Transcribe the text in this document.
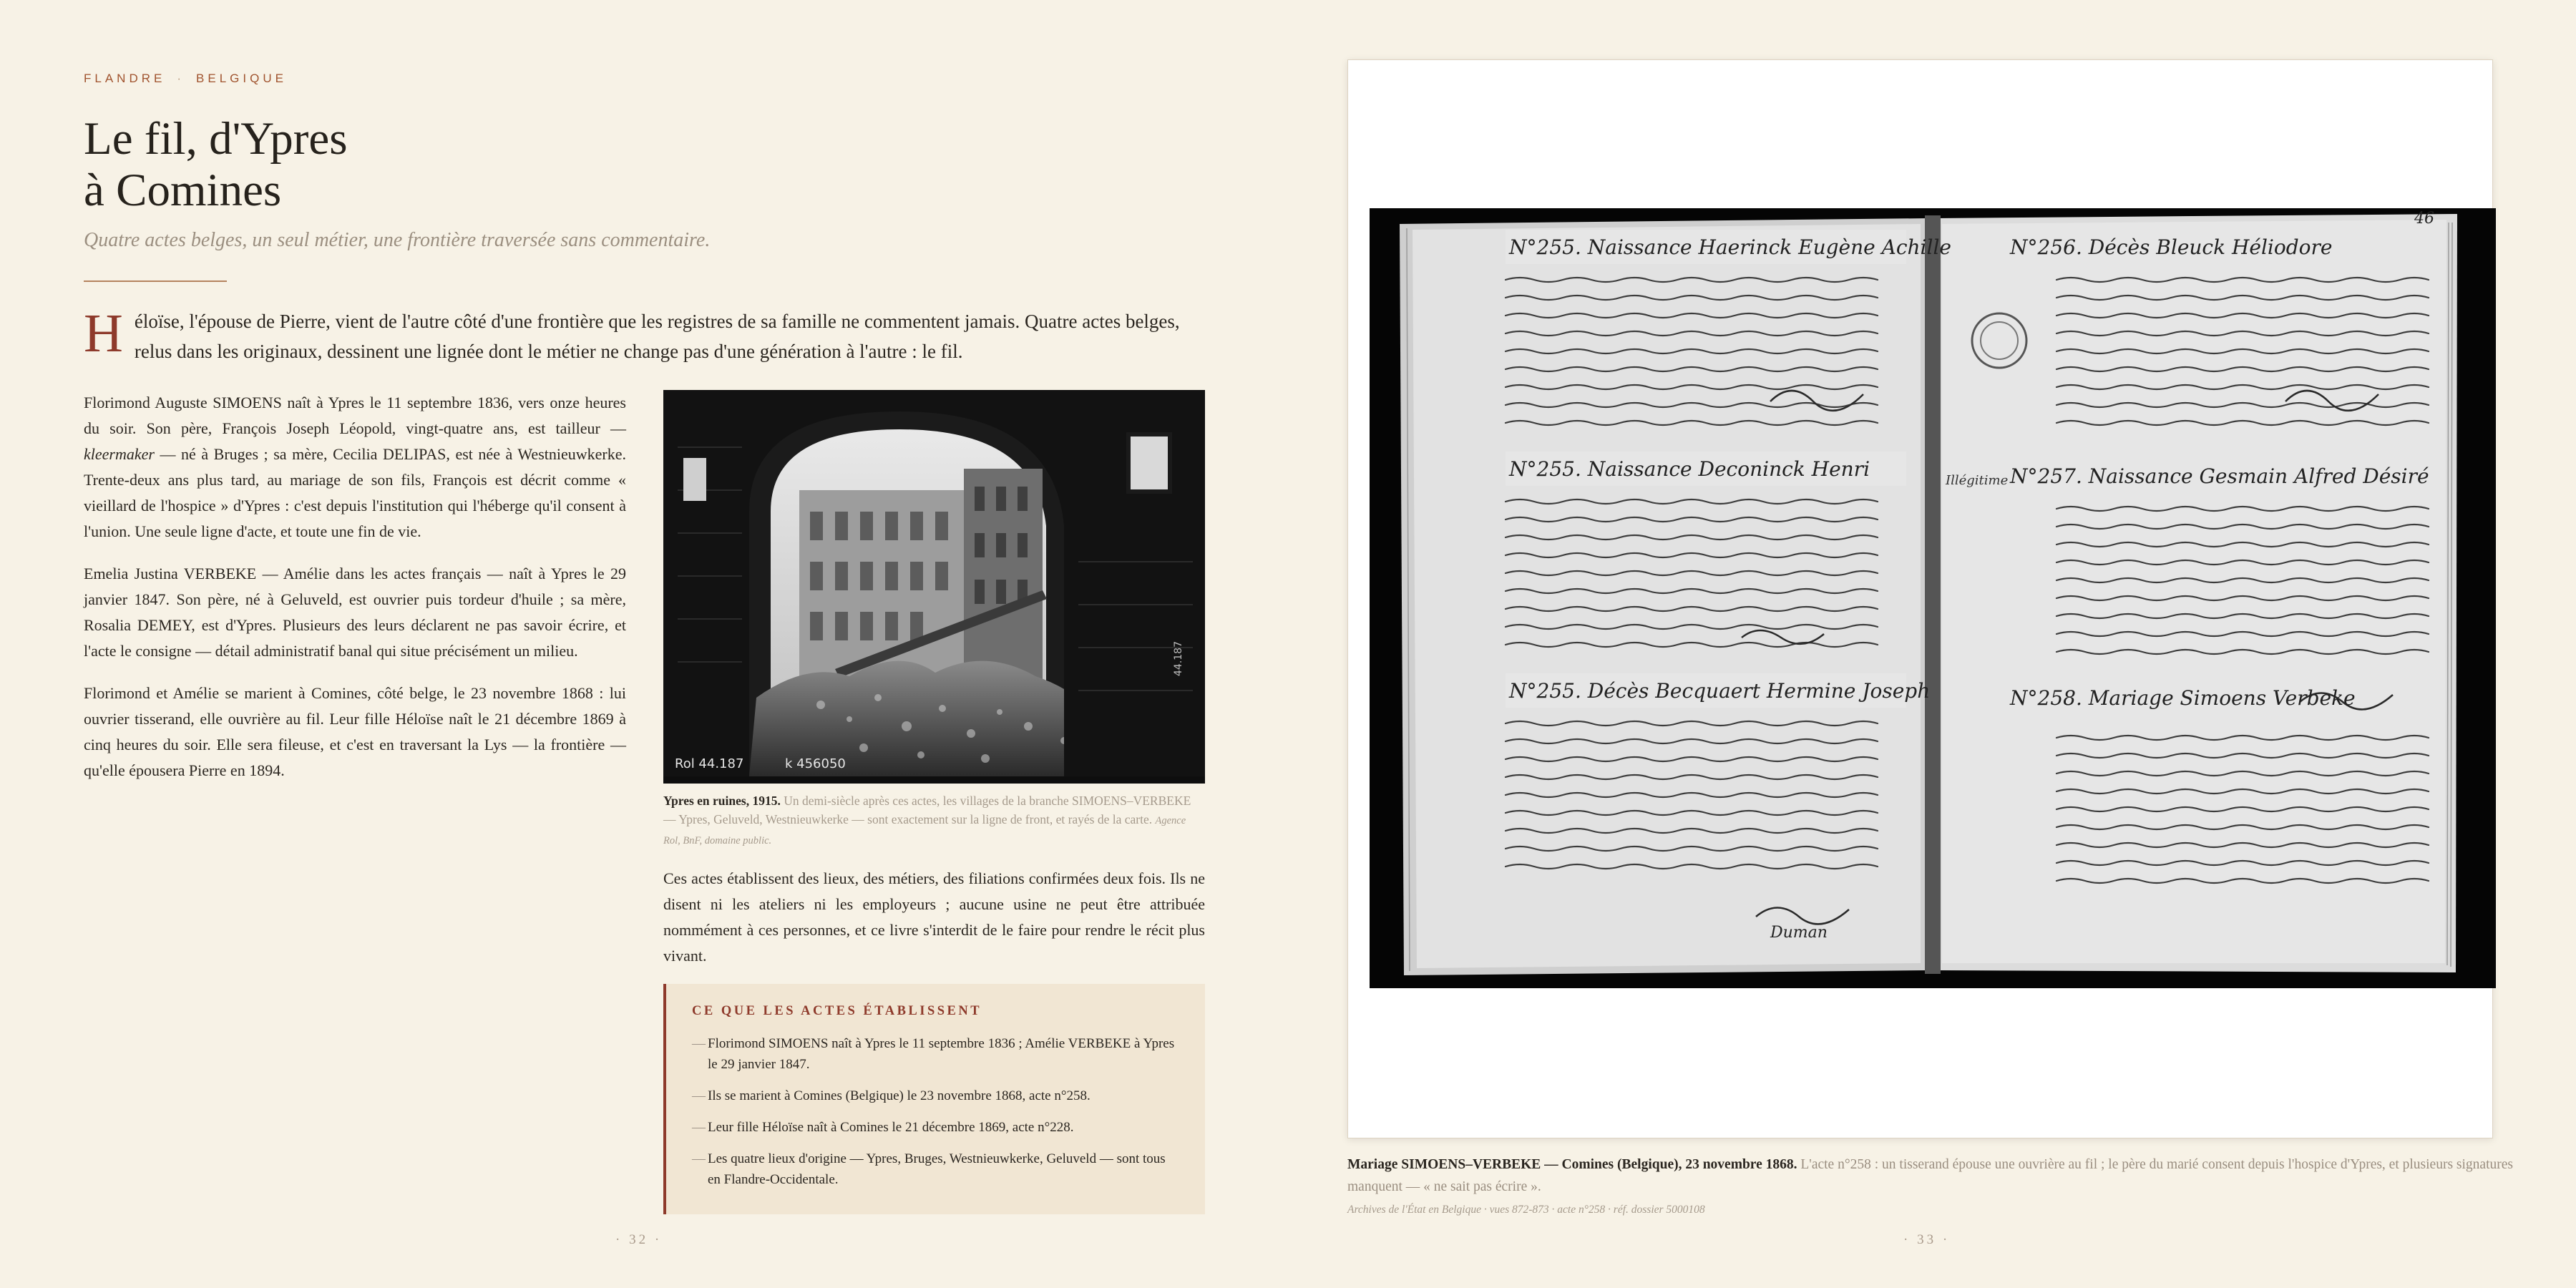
FLANDRE · BELGIQUE
Le fil, d'Ypres
à Comines

Quatre actes belges, un seul métier, une frontière traversée sans commentaire.

H éloïse, l'épouse de Pierre, vient de l'autre côté d'une frontière que les registres de sa famille ne commentent jamais. Quatre actes belges, relus dans les originaux, dessinent une lignée dont le métier ne change pas d'une génération à l'autre : le fil.

Florimond Auguste SIMOENS naît à Ypres le 11 septembre 1836, vers onze heures du soir. Son père, François Joseph Léopold, vingt-quatre ans, est tailleur — kleermaker — né à Bruges ; sa mère, Cecilia DELIPAS, est née à Westnieuwkerke. Trente-deux ans plus tard, au mariage de son fils, François est décrit comme « vieillard de l'hospice » d'Ypres : c'est depuis l'institution qui l'héberge qu'il consent à l'union. Une seule ligne d'acte, et toute une fin de vie.

Emelia Justina VERBEKE — Amélie dans les actes français — naît à Ypres le 29 janvier 1847. Son père, né à Geluveld, est ouvrier puis tordeur d'huile ; sa mère, Rosalia DEMEY, est d'Ypres. Plusieurs des leurs déclarent ne pas savoir écrire, et l'acte le consigne — détail administratif banal qui situe précisément un milieu.

Florimond et Amélie se marient à Comines, côté belge, le 23 novembre 1868 : lui ouvrier tisserand, elle ouvrière au fil. Leur fille Héloïse naît le 21 décembre 1869 à cinq heures du soir. Elle sera fileuse, et c'est en traversant la Lys — la frontière — qu'elle épousera Pierre en 1894.	Rol 44.187	k 456050
44.187
Ypres en ruines, 1915. Un demi-siècle après ces actes, les villages de la branche SIMOENS–VERBEKE — Ypres, Geluveld, Westnieuwkerke — sont exactement sur la ligne de front, et rayés de la carte. Agence Rol, BnF, domaine public.

Ces actes établissent des lieux, des métiers, des filiations confirmées deux fois. Ils ne disent ni les ateliers ni les employeurs ; aucune usine ne peut être attribuée nommément à ces personnes, et ce livre s'interdit de le faire pour rendre le récit plus vivant.

CE QUE LES ACTES ÉTABLISSENT
— Florimond SIMOENS naît à Ypres le 11 septembre 1836 ; Amélie VERBEKE à Ypres le 29 janvier 1847.
— Ils se marient à Comines (Belgique) le 23 novembre 1868, acte n°258.
— Leur fille Héloïse naît à Comines le 21 décembre 1869, acte n°228.
— Les quatre lieux d'origine — Ypres, Bruges, Westnieuwkerke, Geluveld — sont tous en Flandre-Occidentale.
· 32 ·
N°255. Naissance Haerinck Eugène Achille
N°255. Naissance Deconinck Henri
N°255. Décès Becquaert Hermine Joseph
N°256. Décès Bleuck Héliodore
N°257. Naissance Gesmain Alfred Désiré
N°258. Mariage Simoens Verbeke
Illégitime
46
Duman
· 33 ·
Mariage SIMOENS–VERBEKE — Comines (Belgique), 23 novembre 1868. L'acte n°258 : un tisserand épouse une ouvrière au fil ; le père du marié consent depuis l'hospice d'Ypres, et plusieurs signatures manquent — « ne sait pas écrire ».
Archives de l'État en Belgique · vues 872-873 · acte n°258 · réf. dossier 5000108
